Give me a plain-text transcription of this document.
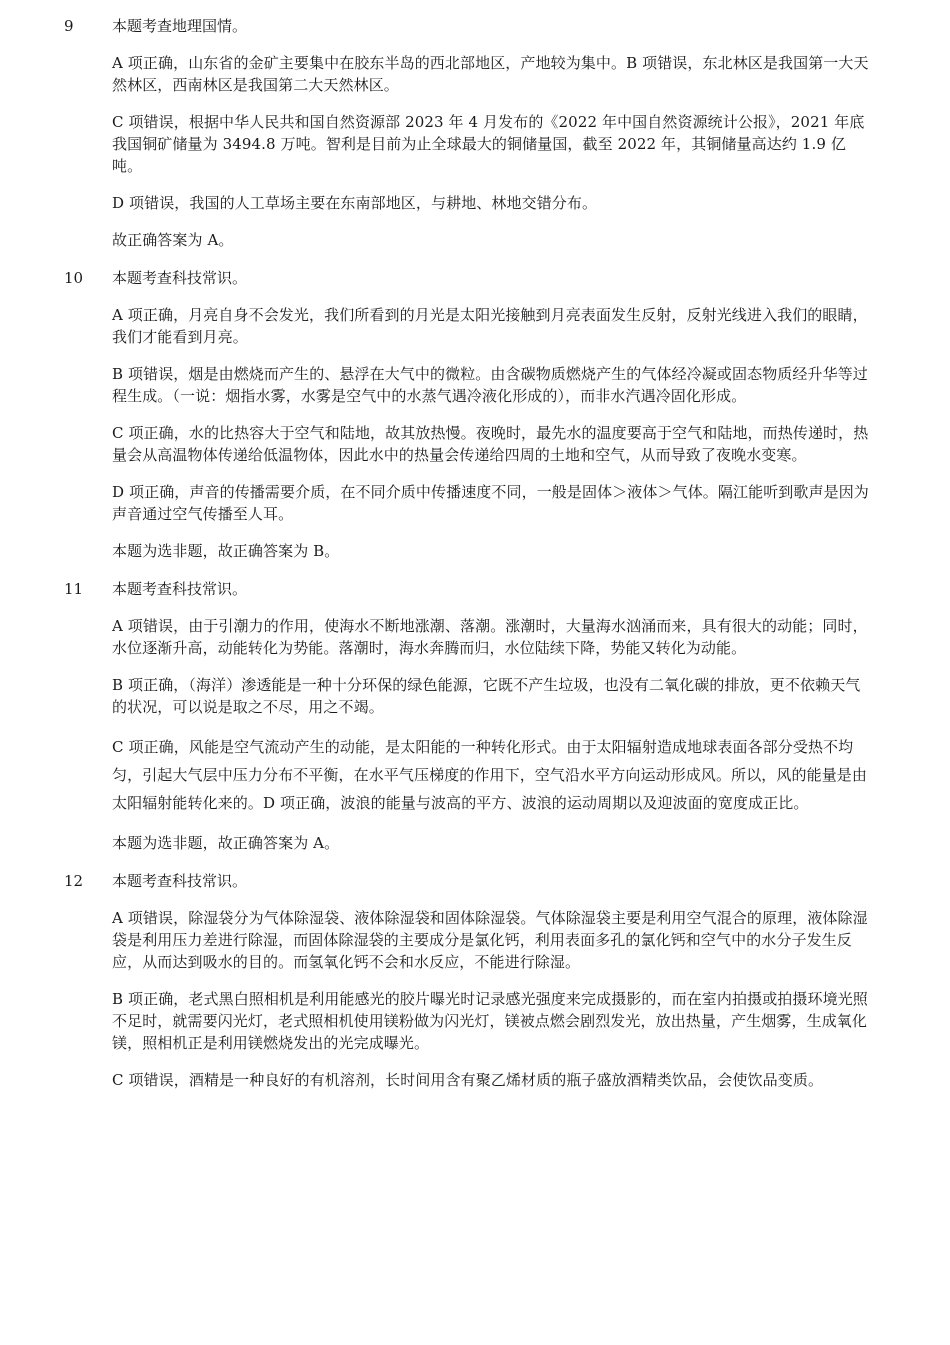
9	本题考查地理国情。
A 项正确，山东省的金矿主要集中在胶东半岛的西北部地区，产地较为集中。B 项错误，东北林区是我国第一大天然林区，西南林区是我国第二大天然林区。
C 项错误，根据中华人民共和国自然资源部 2023 年 4 月发布的《2022 年中国自然资源统计公报》，2021 年底我国铜矿储量为 3494.8 万吨。智利是目前为止全球最大的铜储量国，截至 2022 年，其铜储量高达约 1.9 亿吨。
D 项错误，我国的人工草场主要在东南部地区，与耕地、林地交错分布。
故正确答案为 A。
10 本题考查科技常识。
A 项正确，月亮自身不会发光，我们所看到的月光是太阳光接触到月亮表面发生反射，反射光线进入我们的眼睛，我们才能看到月亮。
B 项错误，烟是由燃烧而产生的、悬浮在大气中的微粒。由含碳物质燃烧产生的气体经冷凝或固态物质经升华等过程生成。（一说：烟指水雾，水雾是空气中的水蒸气遇冷液化形成的），而非水汽遇冷固化形成。
C 项正确，水的比热容大于空气和陆地，故其放热慢。夜晚时，最先水的温度要高于空气和陆地，而热传递时，热量会从高温物体传递给低温物体，因此水中的热量会传递给四周的土地和空气，从而导致了夜晚水变寒。
D 项正确，声音的传播需要介质，在不同介质中传播速度不同，一般是固体＞液体＞气体。隔江能听到歌声是因为声音通过空气传播至人耳。
本题为选非题，故正确答案为 B。
11 本题考查科技常识。
A 项错误，由于引潮力的作用，使海水不断地涨潮、落潮。涨潮时，大量海水汹涌而来，具有很大的动能；同时，水位逐渐升高，动能转化为势能。落潮时，海水奔腾而归，水位陆续下降，势能又转化为动能。
B 项正确，（海洋）渗透能是一种十分环保的绿色能源，它既不产生垃圾，也没有二氧化碳的排放，更不依赖天气的状况，可以说是取之不尽，用之不竭。
C 项正确，风能是空气流动产生的动能，是太阳能的一种转化形式。由于太阳辐射造成地球表面各部分受热不均匀，引起大气层中压力分布不平衡，在水平气压梯度的作用下，空气沿水平方向运动形成风。所以，风的能量是由太阳辐射能转化来的。D 项正确，波浪的能量与波高的平方、波浪的运动周期以及迎波面的宽度成正比。
本题为选非题，故正确答案为 A。
12 本题考查科技常识。
A 项错误，除湿袋分为气体除湿袋、液体除湿袋和固体除湿袋。气体除湿袋主要是利用空气混合的原理，液体除湿袋是利用压力差进行除湿，而固体除湿袋的主要成分是氯化钙，利用表面多孔的氯化钙和空气中的水分子发生反应，从而达到吸水的目的。而氢氧化钙不会和水反应，不能进行除湿。
B 项正确，老式黑白照相机是利用能感光的胶片曝光时记录感光强度来完成摄影的，而在室内拍摄或拍摄环境光照不足时，就需要闪光灯，老式照相机使用镁粉做为闪光灯，镁被点燃会剧烈发光，放出热量，产生烟雾，生成氧化镁，照相机正是利用镁燃烧发出的光完成曝光。
C 项错误，酒精是一种良好的有机溶剂，长时间用含有聚乙烯材质的瓶子盛放酒精类饮品，会使饮品变质。
